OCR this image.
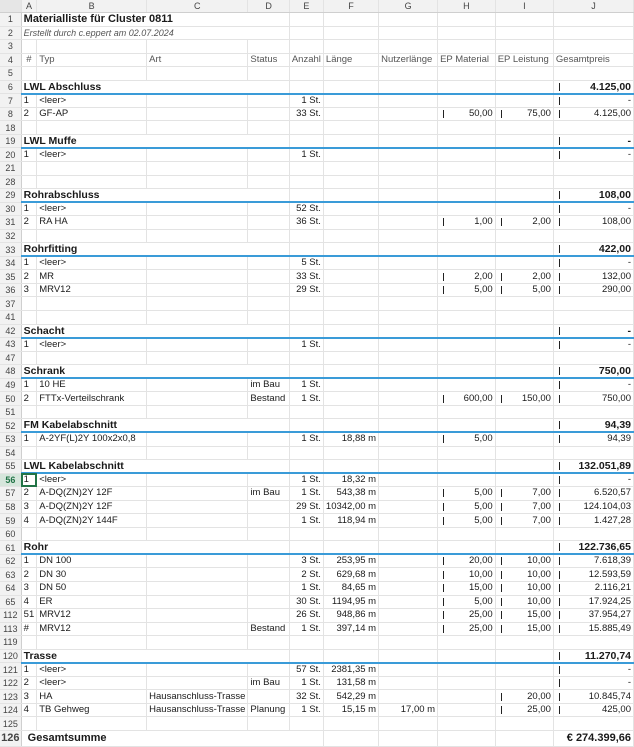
	A	B	C	D	E	F	G	H	I	J
1	Materialliste für Cluster 0811									
2	Erstellt durch c.eppert am 02.07.2024									
3										
4	#	Typ	Art	Status	Anzahl	Länge	Nutzerlänge	EP Material	EP Leistung	Gesamtpreis
5										
6	LWL Abschluss									4.125,00
7	1	<leer>			1 St.					-
8	2	GF-AP			33 St.			50,00	75,00	4.125,00
18										
19	LWL Muffe									-
20	1	<leer>			1 St.					-
21										
28										
29	Rohrabschluss									108,00
30	1	<leer>			52 St.					-
31	2	RA HA			36 St.			1,00	2,00	108,00
32										
33	Rohrfitting									422,00
34	1	<leer>			5 St.					-
35	2	MR			33 St.			2,00	2,00	132,00
36	3	MRV12			29 St.			5,00	5,00	290,00
37										
41										
42	Schacht									-
43	1	<leer>			1 St.					-
47										
48	Schrank									750,00
49	1	10 HE		im Bau	1 St.					-
50	2	FTTx-Verteilschrank		Bestand	1 St.			600,00	150,00	750,00
51										
52	FM Kabelabschnitt									94,39
53	1	A-2YF(L)2Y 100x2x0,8			1 St.	18,88 m		5,00		94,39
54										
55	LWL Kabelabschnitt									132.051,89
56	1	<leer>			1 St.	18,32 m				-
57	2	A-DQ(ZN)2Y 12F		im Bau	1 St.	543,38 m		5,00	7,00	6.520,57
58	3	A-DQ(ZN)2Y 12F			29 St.	10342,00 m		5,00	7,00	124.104,03
59	4	A-DQ(ZN)2Y 144F			1 St.	118,94 m		5,00	7,00	1.427,28
60										
61	Rohr									122.736,65
62	1	DN 100			3 St.	253,95 m		20,00	10,00	7.618,39
63	2	DN 30			2 St.	629,68 m		10,00	10,00	12.593,59
64	3	DN 50			1 St.	84,65 m		15,00	10,00	2.116,21
65	4	ER			30 St.	1194,95 m		5,00	10,00	17.924,25
112	51	MRV12			26 St.	948,86 m		25,00	15,00	37.954,27
113	#	MRV12		Bestand	1 St.	397,14 m		25,00	15,00	15.885,49
119										
120	Trasse									11.270,74
121	1	<leer>			57 St.	2381,35 m				-
122	2	<leer>		im Bau	1 St.	131,58 m				-
123	3	HA	Hausanschluss-Trasse		32 St.	542,29 m			20,00	10.845,74
124	4	TB Gehweg	Hausanschluss-Trasse	Planung	1 St.	15,15 m	17,00 m		25,00	425,00
125										
126	Gesamtsumme									€ 274.399,66
